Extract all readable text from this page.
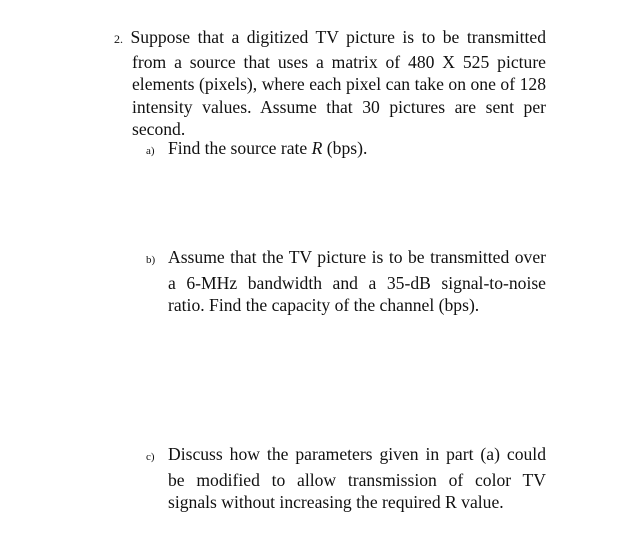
2. Suppose that a digitized TV picture is to be transmitted from a source that uses a matrix of 480 X 525 picture elements (pixels), where each pixel can take on one of 128 intensity values. Assume that 30 pictures are sent per second.

a) Find the source rate R (bps).

b) Assume that the TV picture is to be transmitted over a 6-MHz bandwidth and a 35-dB signal-to-noise ratio. Find the capacity of the channel (bps).

c) Discuss how the parameters given in part (a) could be modified to allow transmission of color TV signals without increasing the required R value.
